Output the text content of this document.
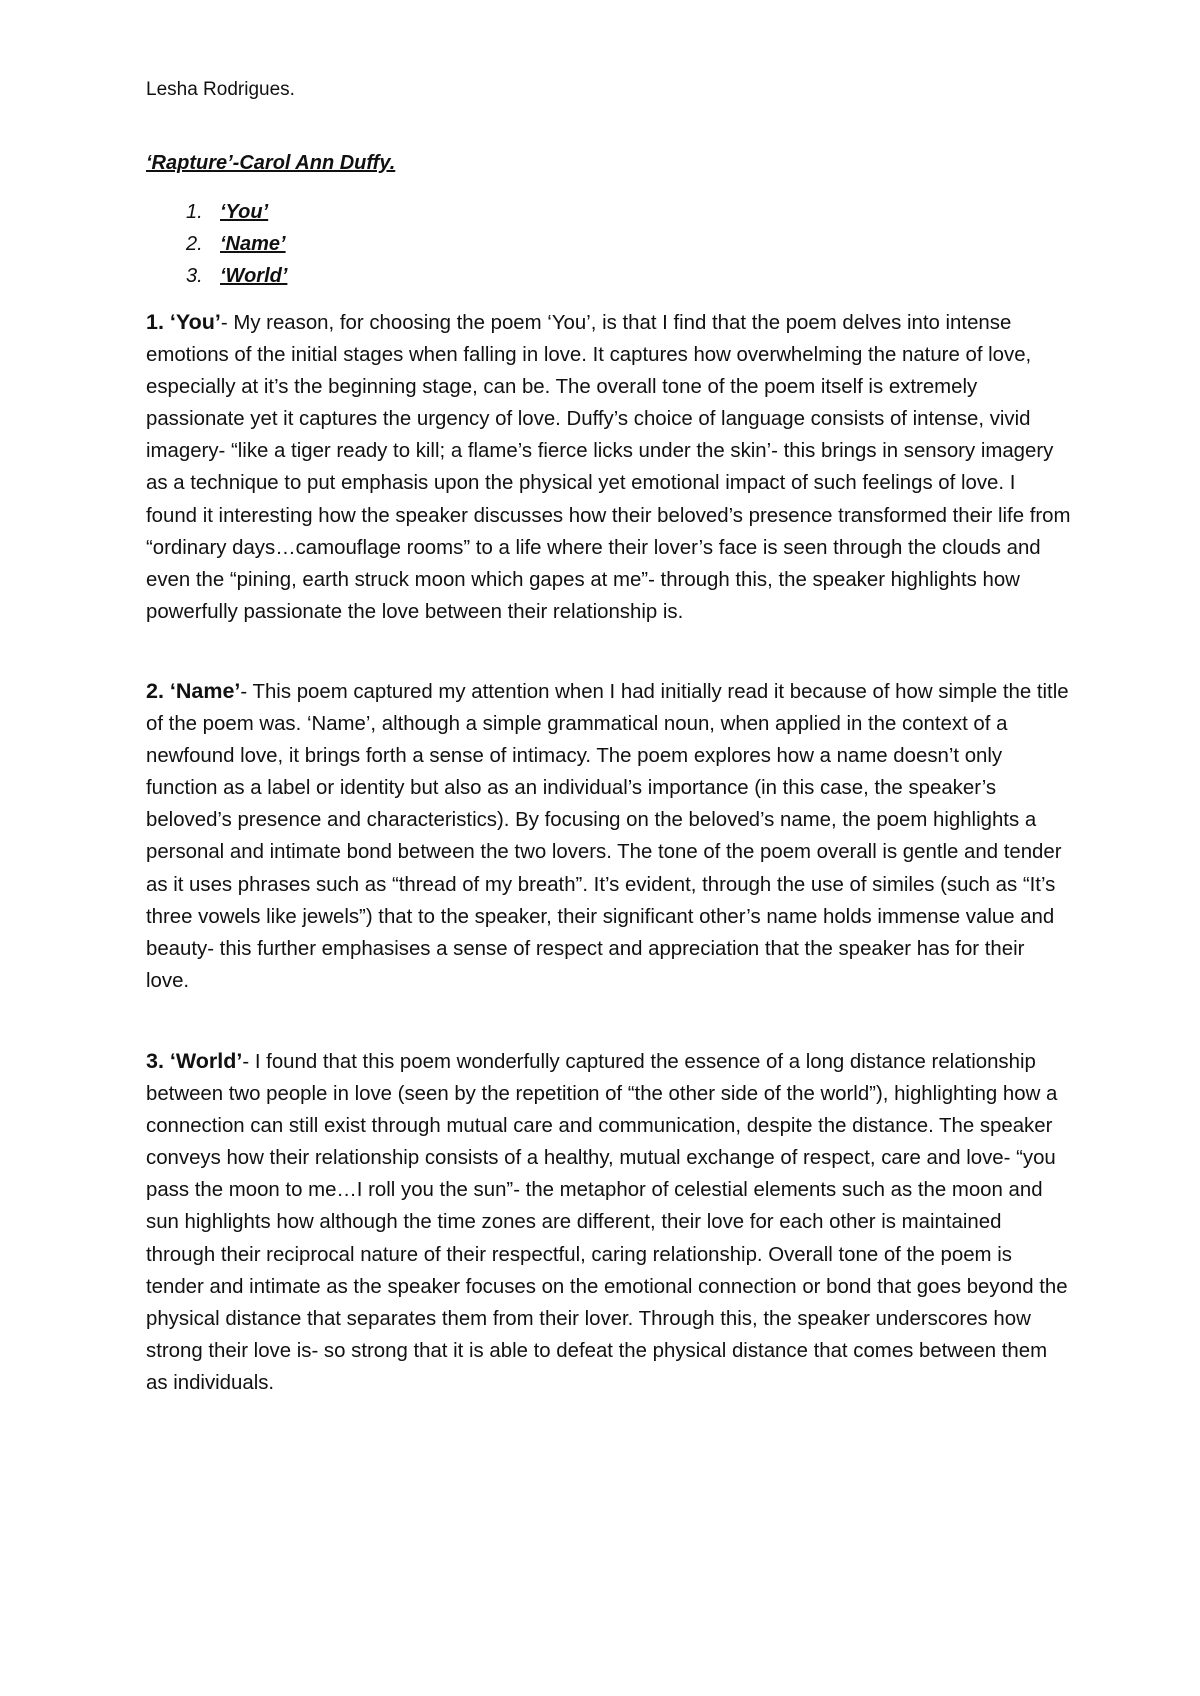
Lesha Rodrigues.
‘Rapture’-Carol Ann Duffy.
1. ‘You’
2. ‘Name’
3. ‘World’

1. ‘You’- My reason, for choosing the poem ‘You’, is that I find that the poem delves into intense emotions of the initial stages when falling in love. It captures how overwhelming the nature of love, especially at it’s the beginning stage, can be. The overall tone of the poem itself is extremely passionate yet it captures the urgency of love. Duffy’s choice of language consists of intense, vivid imagery- “like a tiger ready to kill; a flame’s fierce licks under the skin’- this brings in sensory imagery as a technique to put emphasis upon the physical yet emotional impact of such feelings of love. I found it interesting how the speaker discusses how their beloved’s presence transformed their life from “ordinary days…camouflage rooms” to a life where their lover’s face is seen through the clouds and even the “pining, earth struck moon which gapes at me”- through this, the speaker highlights how powerfully passionate the love between their relationship is.

2. ‘Name’- This poem captured my attention when I had initially read it because of how simple the title of the poem was. ‘Name’, although a simple grammatical noun, when applied in the context of a newfound love, it brings forth a sense of intimacy. The poem explores how a name doesn’t only function as a label or identity but also as an individual’s importance (in this case, the speaker’s beloved’s presence and characteristics). By focusing on the beloved’s name, the poem highlights a personal and intimate bond between the two lovers. The tone of the poem overall is gentle and tender as it uses phrases such as “thread of my breath”. It’s evident, through the use of similes (such as “It’s three vowels like jewels”) that to the speaker, their significant other’s name holds immense value and beauty- this further emphasises a sense of respect and appreciation that the speaker has for their love.

3. ‘World’- I found that this poem wonderfully captured the essence of a long distance relationship between two people in love (seen by the repetition of “the other side of the world”), highlighting how a connection can still exist through mutual care and communication, despite the distance. The speaker conveys how their relationship consists of a healthy, mutual exchange of respect, care and love- “you pass the moon to me…I roll you the sun”- the metaphor of celestial elements such as the moon and sun highlights how although the time zones are different, their love for each other is maintained through their reciprocal nature of their respectful, caring relationship. Overall tone of the poem is tender and intimate as the speaker focuses on the emotional connection or bond that goes beyond the physical distance that separates them from their lover. Through this, the speaker underscores how strong their love is- so strong that it is able to defeat the physical distance that comes between them as individuals.
